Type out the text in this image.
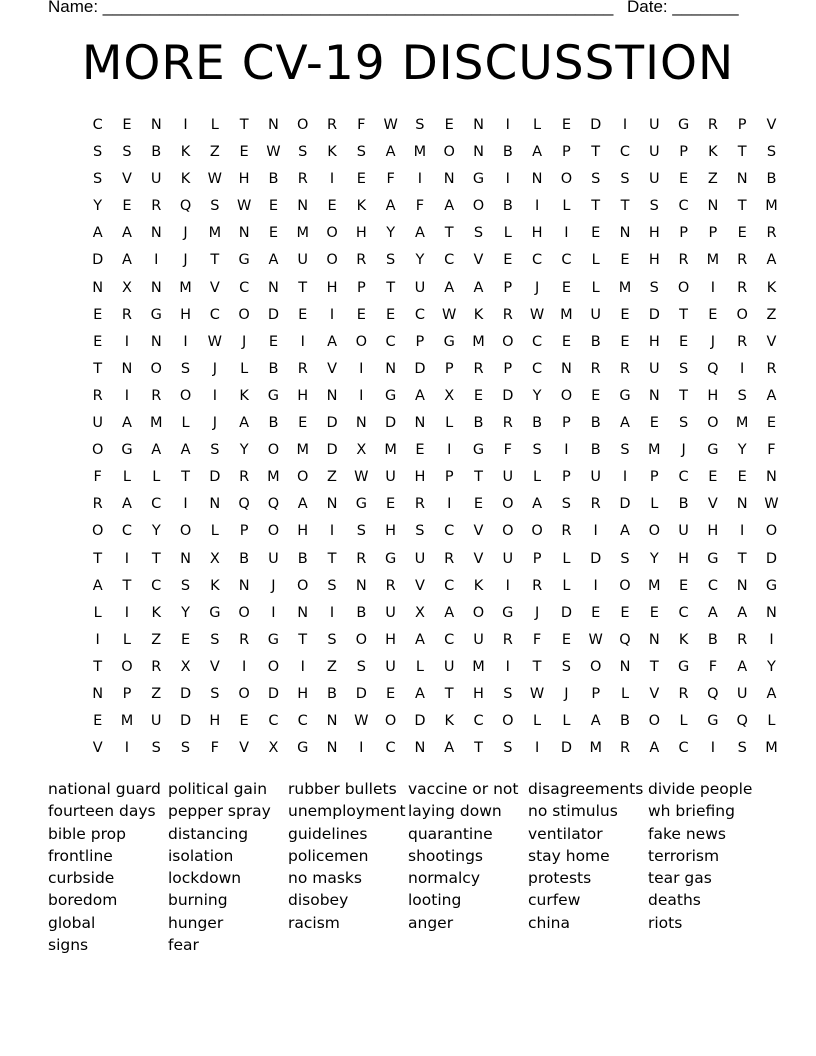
Name: ______________________________________________________ Date: _______
MORE CV-19 DISCUSSTION
C	E	N	I	L	T	N	O	R	F	W	S	E	N	I	L	E	D	I	U	G	R	P	V
S	S	B	K	Z	E	W	S	K	S	A	M	O	N	B	A	P	T	C	U	P	K	T	S
S	V	U	K	W	H	B	R	I	E	F	I	N	G	I	N	O	S	S	U	E	Z	N	B
Y	E	R	Q	S	W	E	N	E	K	A	F	A	O	B	I	L	T	T	S	C	N	T	M
A	A	N	J	M	N	E	M	O	H	Y	A	T	S	L	H	I	E	N	H	P	P	E	R
D	A	I	J	T	G	A	U	O	R	S	Y	C	V	E	C	C	L	E	H	R	M	R	A
N	X	N	M	V	C	N	T	H	P	T	U	A	A	P	J	E	L	M	S	O	I	R	K
E	R	G	H	C	O	D	E	I	E	E	C	W	K	R	W	M	U	E	D	T	E	O	Z
E	I	N	I	W	J	E	I	A	O	C	P	G	M	O	C	E	B	E	H	E	J	R	V
T	N	O	S	J	L	B	R	V	I	N	D	P	R	P	C	N	R	R	U	S	Q	I	R
R	I	R	O	I	K	G	H	N	I	G	A	X	E	D	Y	O	E	G	N	T	H	S	A
U	A	M	L	J	A	B	E	D	N	D	N	L	B	R	B	P	B	A	E	S	O	M	E
O	G	A	A	S	Y	O	M	D	X	M	E	I	G	F	S	I	B	S	M	J	G	Y	F
F	L	L	T	D	R	M	O	Z	W	U	H	P	T	U	L	P	U	I	P	C	E	E	N
R	A	C	I	N	Q	Q	A	N	G	E	R	I	E	O	A	S	R	D	L	B	V	N	W
O	C	Y	O	L	P	O	H	I	S	H	S	C	V	O	O	R	I	A	O	U	H	I	O
T	I	T	N	X	B	U	B	T	R	G	U	R	V	U	P	L	D	S	Y	H	G	T	D
A	T	C	S	K	N	J	O	S	N	R	V	C	K	I	R	L	I	O	M	E	C	N	G
L	I	K	Y	G	O	I	N	I	B	U	X	A	O	G	J	D	E	E	E	C	A	A	N
I	L	Z	E	S	R	G	T	S	O	H	A	C	U	R	F	E	W	Q	N	K	B	R	I
T	O	R	X	V	I	O	I	Z	S	U	L	U	M	I	T	S	O	N	T	G	F	A	Y
N	P	Z	D	S	O	D	H	B	D	E	A	T	H	S	W	J	P	L	V	R	Q	U	A
E	M	U	D	H	E	C	C	N	W	O	D	K	C	O	L	L	A	B	O	L	G	Q	L
V	I	S	S	F	V	X	G	N	I	C	N	A	T	S	I	D	M	R	A	C	I	S	M
national guard
fourteen days
bible prop
frontline
curbside
boredom
global
signs
political gain
pepper spray
distancing
isolation
lockdown
burning
hunger
fear
rubber bullets
unemployment
guidelines
policemen
no masks
disobey
racism
vaccine or not
laying down
quarantine
shootings
normalcy
looting
anger
disagreements
no stimulus
ventilator
stay home
protests
curfew
china
divide people
wh briefing
fake news
terrorism
tear gas
deaths
riots
